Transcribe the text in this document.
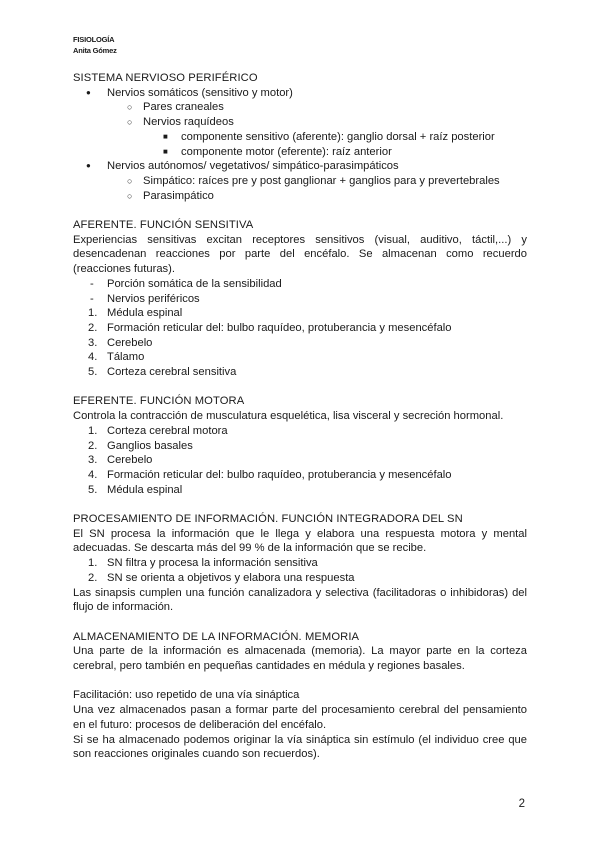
FISIOLOGÍA
Anita Gómez
SISTEMA NERVIOSO PERIFÉRICO
● Nervios somáticos (sensitivo y motor)
○ Pares craneales
○ Nervios raquídeos
■ componente sensitivo (aferente): ganglio dorsal + raíz posterior
■ componente motor (eferente): raíz anterior
● Nervios autónomos/ vegetativos/ simpático-parasimpáticos
○ Simpático: raíces pre y post ganglionar + ganglios para y prevertebrales
○ Parasimpático
AFERENTE. FUNCIÓN SENSITIVA
Experiencias sensitivas excitan receptores sensitivos (visual, auditivo, táctil,...) y desencadenan reacciones por parte del encéfalo. Se almacenan como recuerdo (reacciones futuras).
- Porción somática de la sensibilidad
- Nervios periféricos
1. Médula espinal
2. Formación reticular del: bulbo raquídeo, protuberancia y mesencéfalo
3. Cerebelo
4. Tálamo
5. Corteza cerebral sensitiva
EFERENTE. FUNCIÓN MOTORA
Controla la contracción de musculatura esquelética, lisa visceral y secreción hormonal.
1. Corteza cerebral motora
2. Ganglios basales
3. Cerebelo
4. Formación reticular del: bulbo raquídeo, protuberancia y mesencéfalo
5. Médula espinal
PROCESAMIENTO DE INFORMACIÓN. FUNCIÓN INTEGRADORA DEL SN
El SN procesa la información que le llega y elabora una respuesta motora y mental adecuadas. Se descarta más del 99 % de la información que se recibe.
1. SN filtra y procesa la información sensitiva
2. SN se orienta a objetivos y elabora una respuesta
Las sinapsis cumplen una función canalizadora y selectiva (facilitadoras o inhibidoras) del flujo de información.
ALMACENAMIENTO DE LA INFORMACIÓN. MEMORIA
Una parte de la información es almacenada (memoria). La mayor parte en la corteza cerebral, pero también en pequeñas cantidades en médula y regiones basales.
Facilitación: uso repetido de una vía sináptica
Una vez almacenados pasan a formar parte del procesamiento cerebral del pensamiento en el futuro: procesos de deliberación del encéfalo.
Si se ha almacenado podemos originar la vía sináptica sin estímulo (el individuo cree que son reacciones originales cuando son recuerdos).
2
